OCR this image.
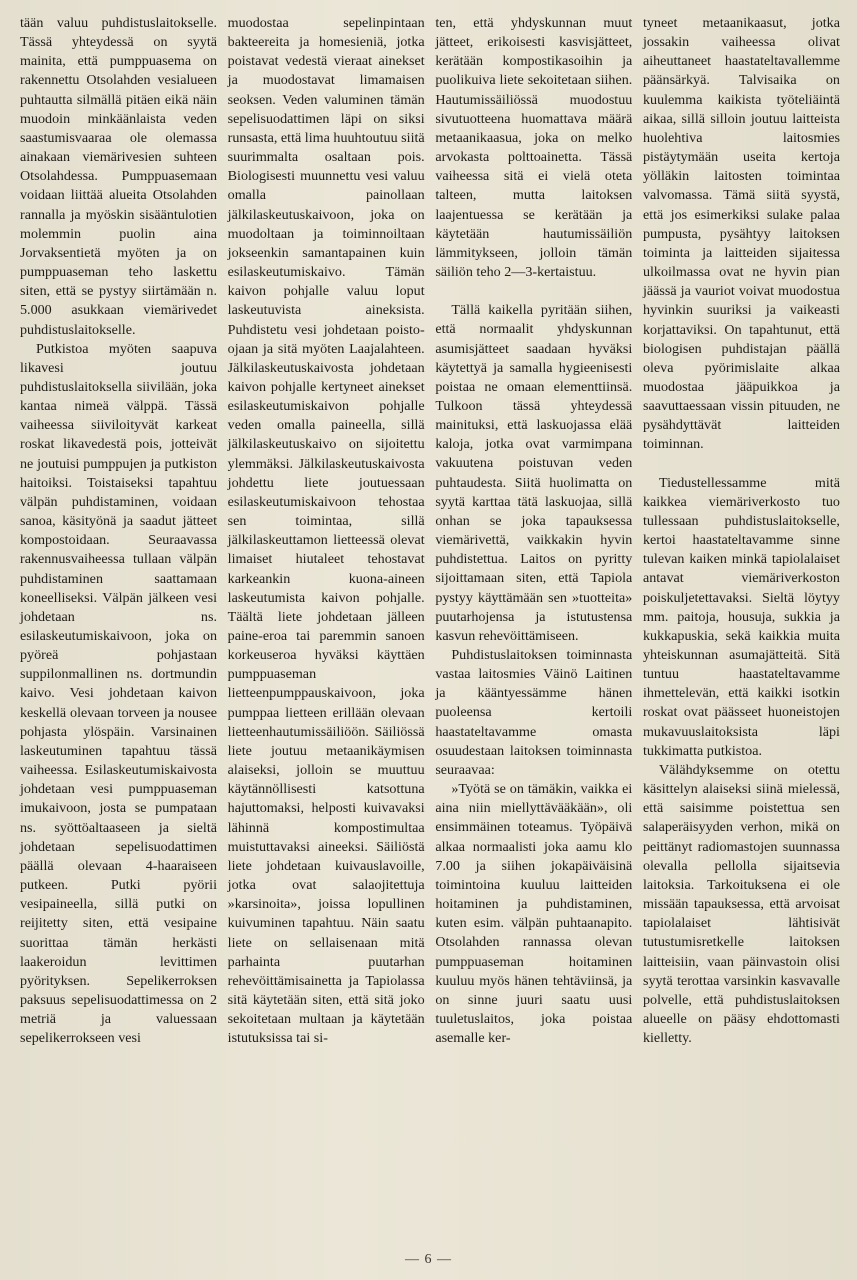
tään valuu puhdistuslaitokselle. Tässä yhteydessä on syytä mainita, että pumppuasema on rakennettu Otsolahden vesialueen puhtautta silmällä pitäen eikä näin muodoin minkäänlaista veden saastumisvaaraa ole olemassa ainakaan viemärivesien suhteen Otsolahdessa. Pumppuasemaan voidaan liittää alueita Otsolahden rannalla ja myöskin sisääntulotien molemmin puolin aina Jorvaksentietä myöten ja on pumppuaseman teho laskettu siten, että se pystyy siirtämään n. 5.000 asukkaan viemärivedet puhdistuslaitokselle.

Putkistoa myöten saapuva likavesi joutuu puhdistuslaitoksella siivilään, joka kantaa nimeä välppä. Tässä vaiheessa siiviloityvät karkeat roskat likavedestä pois, jotteivät ne joutuisi pumppujen ja putkiston haitoiksi. Toistaiseksi tapahtuu välpän puhdistaminen, voidaan sanoa, käsityönä ja saadut jätteet kompostoidaan. Seuraavassa rakennusvaiheessa tullaan välpän puhdistaminen saattamaan koneelliseksi. Välpän jälkeen vesi johdetaan ns. esilaskeutumiskaivoon, joka on pyöreä pohjastaan suppilonmallinen ns. dortmundin kaivo. Vesi johdetaan kaivon keskellä olevaan torveen ja nousee pohjasta ylöspäin. Varsinainen laskeutuminen tapahtuu tässä vaiheessa. Esilaskeutumiskaivosta johdetaan vesi pumppuaseman imukaivoon, josta se pumpataan ns. syöttöaltaaseen ja sieltä johdetaan sepelisuodattimen päällä olevaan 4-haaraiseen putkeen. Putki pyörii vesipaineella, sillä putki on reijitetty siten, että vesipaine suorittaa tämän herkästi laakeroidun levittimen pyörityksen. Sepelikerroksen paksuus sepelisuodattimessa on 2 metriä ja valuessaan sepelikerrokseen vesi

muodostaa sepelinpintaan bakteereita ja homesieniä, jotka poistavat vedestä vieraat ainekset ja muodostavat limamaisen seoksen. Veden valuminen tämän sepelisuodattimen läpi on siksi runsasta, että lima huuhtoutuu siitä suurimmalta osaltaan pois. Biologisesti muunnettu vesi valuu omalla painollaan jälkilaskeutuskaivoon, joka on muodoltaan ja toiminnoiltaan jokseenkin samantapainen kuin esilaskeutumiskaivo. Tämän kaivon pohjalle valuu loput laskeutuvista aineksista. Puhdistetu vesi johdetaan poisto-ojaan ja sitä myöten Laajalahteen. Jälkilaskeutuskaivosta johdetaan kaivon pohjalle kertyneet ainekset esilaskeutumiskaivon pohjalle veden omalla paineella, sillä jälkilaskeutuskaivo on sijoitettu ylemmäksi. Jälkilaskeutuskaivosta johdettu liete joutuessaan esilaskeutumiskaivoon tehostaa sen toimintaa, sillä jälkilaskeuttamon lietteessä olevat limaiset hiutaleet tehostavat karkeankin kuona-aineen laskeutumista kaivon pohjalle. Täältä liete johdetaan jälleen paine-eroa tai paremmin sanoen korkeuseroa hyväksi käyttäen pumppuaseman lietteenpumppauskaivoon, joka pumppaa lietteen erillään olevaan lietteenhautumissäiliöön. Säiliössä liete joutuu metaanikäymisen alaiseksi, jolloin se muuttuu käytännöllisesti katsottuna hajuttomaksi, helposti kuivavaksi lähinnä kompostimultaa muistuttavaksi aineeksi. Säiliöstä liete johdetaan kuivauslavoille, jotka ovat salaojitettuja »karsinoita», joissa lopullinen kuivuminen tapahtuu. Näin saatu liete on sellaisenaan mitä parhainta puutarhan rehevöittämisainetta ja Tapiolassa sitä käytetään siten, että sitä joko sekoitetaan multaan ja käytetään istutuksissa tai si-

ten, että yhdyskunnan muut jätteet, erikoisesti kasvisjätteet, kerätään kompostikasoihin ja puolikuiva liete sekoitetaan siihen. Hautumissäiliössä muodostuu sivutuotteena huomattava määrä metaanikaasua, joka on melko arvokasta polttoainetta. Tässä vaiheessa sitä ei vielä oteta talteen, mutta laitoksen laajentuessa se kerätään ja käytetään hautumissäiliön lämmitykseen, jolloin tämän säiliön teho 2—3-kertaistuu.

Tällä kaikella pyritään siihen, että normaalit yhdyskunnan asumisjätteet saadaan hyväksi käytettyä ja samalla hygieenisesti poistaa ne omaan elementtiinsä. Tulkoon tässä yhteydessä mainituksi, että laskuojassa elää kaloja, jotka ovat varmimpana vakuutena poistuvan veden puhtaudesta. Siitä huolimatta on syytä karttaa tätä laskuojaa, sillä onhan se joka tapauksessa viemärivettä, vaikkakin hyvin puhdistettua. Laitos on pyritty sijoittamaan siten, että Tapiola pystyy käyttämään sen »tuotteita» puutarhojensa ja istutustensa kasvun rehevöittämiseen.

Puhdistuslaitoksen toiminnasta vastaa laitosmies Väinö Laitinen ja kääntyessämme hänen puoleensa kertoili haastateltavamme omasta osuudestaan laitoksen toiminnasta seuraavaa:

»Työtä se on tämäkin, vaikka ei aina niin miellyttävääkään», oli ensimmäinen toteamus. Työpäivä alkaa normaalisti joka aamu klo 7.00 ja siihen jokapäiväisinä toimintoina kuuluu laitteiden hoitaminen ja puhdistaminen, kuten esim. välpän puhtaanapito. Otsolahden rannassa olevan pumppuaseman hoitaminen kuuluu myös hänen tehtäviinsä, ja on sinne juuri saatu uusi tuuletuslaitos, joka poistaa asemalle ker-

tyneet metaanikaasut, jotka jossakin vaiheessa olivat aiheuttaneet haastateltavallemme päänsärkyä. Talvisaika on kuulemma kaikista työteliäintä aikaa, sillä silloin joutuu laitteista huolehtiva laitosmies pistäytymään useita kertoja yölläkin laitosten toimintaa valvomassa. Tämä siitä syystä, että jos esimerkiksi sulake palaa pumpusta, pysähtyy laitoksen toiminta ja laitteiden sijaitessa ulkoilmassa ovat ne hyvin pian jäässä ja vauriot voivat muodostua hyvinkin suuriksi ja vaikeasti korjattaviksi. On tapahtunut, että biologisen puhdistajan päällä oleva pyörimislaite alkaa muodostaa jääpuikkoa ja saavuttaessaan vissin pituuden, ne pysähdyttävät laitteiden toiminnan.

Tiedustellessamme mitä kaikkea viemäriverkosto tuo tullessaan puhdistuslaitokselle, kertoi haastateltavamme sinne tulevan kaiken minkä tapiolalaiset antavat viemäriverkoston poiskuljetettavaksi. Sieltä löytyy mm. paitoja, housuja, sukkia ja kukkapuskia, sekä kaikkia muita yhteiskunnan asumajätteitä. Sitä tuntuu haastateltavamme ihmettelevän, että kaikki isotkin roskat ovat päässeet huoneistojen mukavuuslaitoksista läpi tukkimattа putkistoa.

Välähdyksemme on otettu käsittelyn alaiseksi siinä mielessä, että saisimme poistettua sen salaperäisyyden verhon, mikä on peittänyt radiomastojen suunnassa olevalla pellolla sijaitsevia laitoksia. Tarkoituksena ei ole missään tapauksessa, että arvoisat tapiolalaiset lähtisivät tutustumisretkelle laitoksen laitteisiin, vaan päinvastoin olisi syytä terottaa varsinkin kasvavalle polvelle, että puhdistuslaitoksen alueelle on pääsy ehdottomasti kielletty.

— 6 —
